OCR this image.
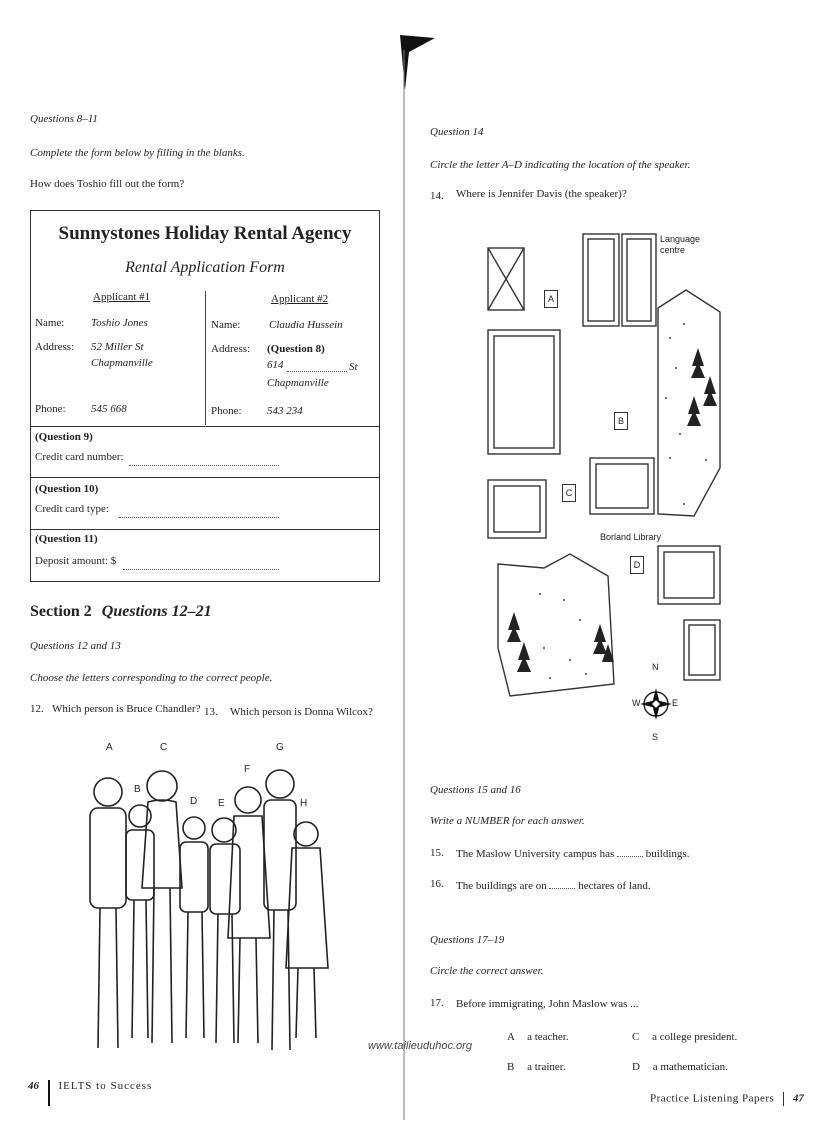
Questions 8–11
Complete the form below by filling in the blanks.
How does Toshio fill out the form?
Sunnystones Holiday Rental Agency
Rental Application Form
Applicant #1	Applicant #2
Name: Toshio Jones
Address: 52 Miller St
Chapmanville
Phone: 545 668
Name:	Claudia Hussein
Address: (Question 8)
614	St
Chapmanville
Phone: 543 234
(Question 9)
Credit card number:
(Question 10)
Credit card type:
(Question 11)
Deposit amount: $
Section 2 Questions 12–21
Questions 12 and 13
Choose the letters corresponding to the correct people.
12. Which person is Bruce Chandler? 13. Which person is Donna Wilcox?
A
B
C
D E
F
G
H
46 IELTS to Success
www.tailieuduhoc.org
Question 14
Circle the letter A–D indicating the location of the speaker.
14. Where is Jennifer Davis (the speaker)?
Language
centre
Borland Library
A
B
C
D
N
S
W	E
Questions 15 and 16
Write a NUMBER for each answer.
15. The Maslow University campus has	buildings.
16. The buildings are on	hectares of land.
Questions 17–19
Circle the correct answer.
17. Before immigrating, John Maslow was ...
A a teacher.	C a college president.
B a trainer.	D a mathematician.
Practice Listening Papers 47
